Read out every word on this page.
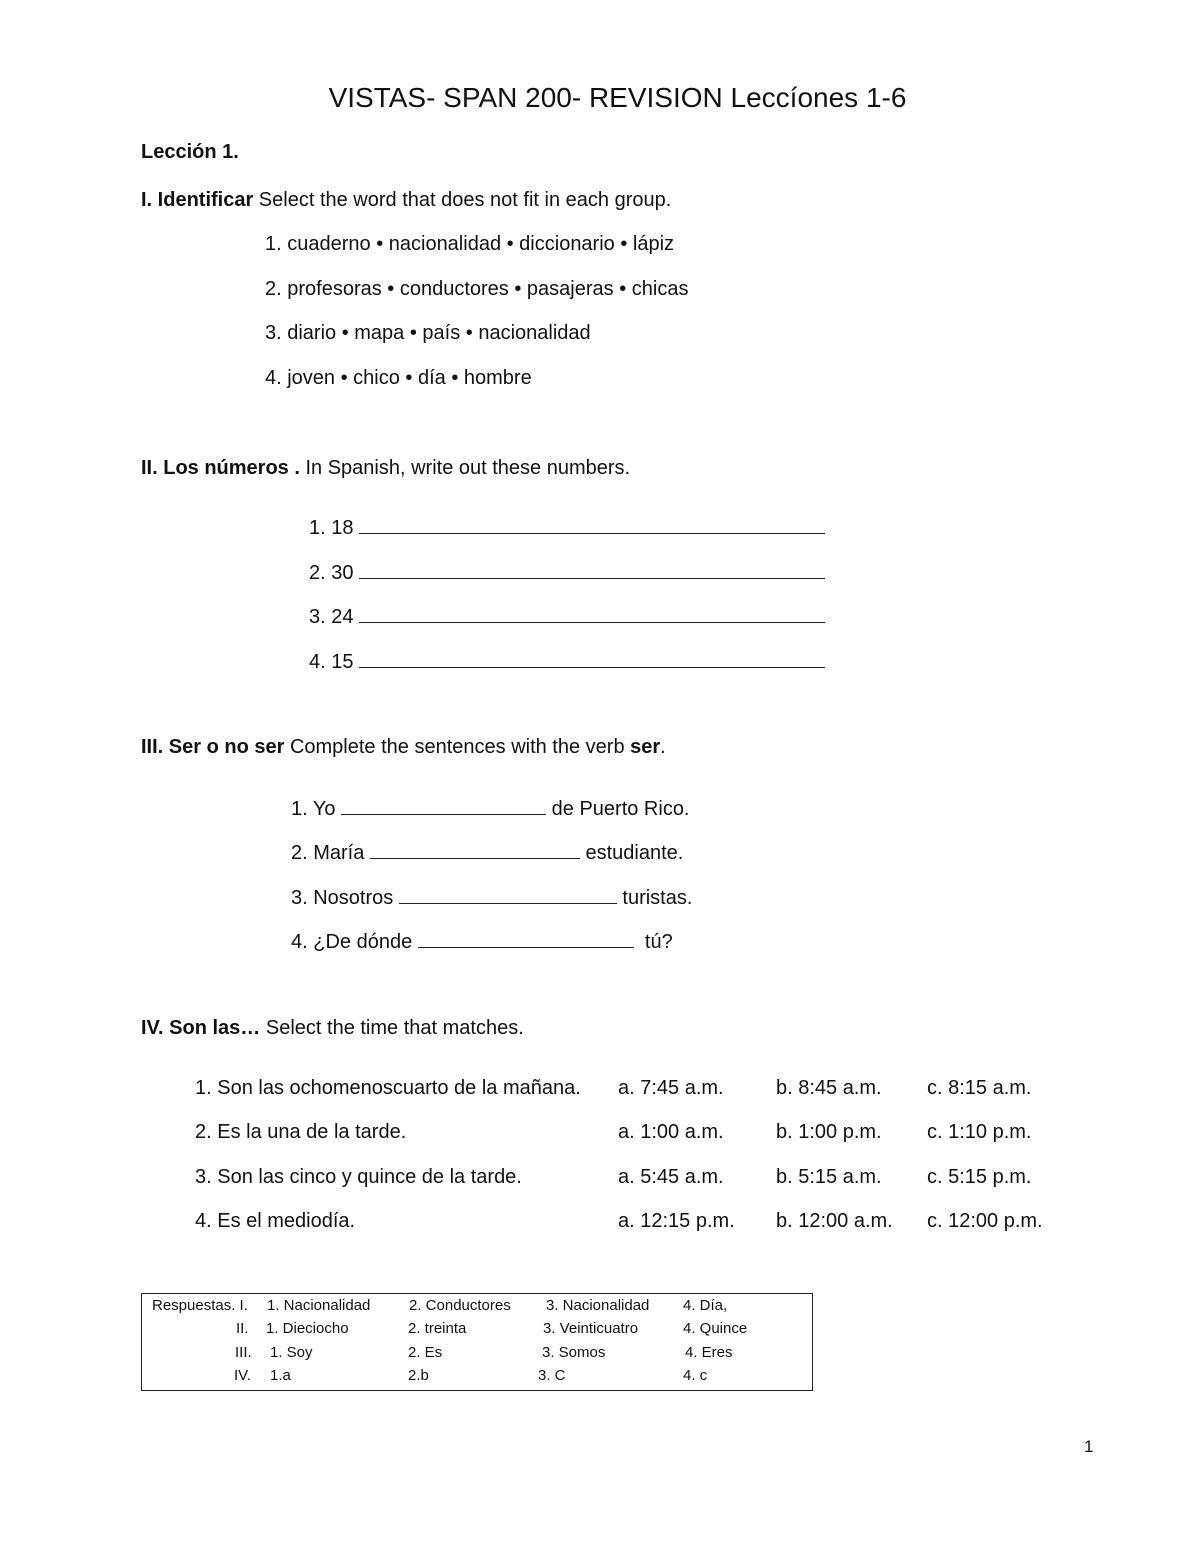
VISTAS- SPAN 200- REVISION Leccíones 1-6
Lección 1.
I. Identificar Select the word that does not fit in each group.
1. cuaderno • nacionalidad • diccionario • lápiz
2. profesoras • conductores • pasajeras • chicas
3. diario • mapa • país • nacionalidad
4. joven • chico • día • hombre
II. Los números . In Spanish, write out these numbers.
1. 18
2. 30
3. 24
4. 15
III. Ser o no ser Complete the sentences with the verb ser.
1. Yo	de Puerto Rico.
2. María	estudiante.
3. Nosotros	turistas.
4. ¿De dónde	tú?
IV. Son las… Select the time that matches.
1. Son las ochomenoscuarto de la mañana. a. 7:45 a.m.	b. 8:45 a.m. c. 8:15 a.m.
2. Es la una de la tarde.	a. 1:00 a.m.	b. 1:00 p.m. c. 1:10 p.m.
3. Son las cinco y quince de la tarde.	a. 5:45 a.m.	b. 5:15 a.m. c. 5:15 p.m.
4. Es el mediodía.	a. 12:15 p.m. b. 12:00 a.m. c. 12:00 p.m.
Respuestas. I. 1. Nacionalidad	2. Conductores 3. Nacionalidad 4. Día,
II. 1. Dieciocho	2. treinta	3. Veinticuatro	4. Quince
III. 1. Soy	2. Es	3. Somos	4. Eres
IV. 1.a	2.b	3. C	4. c
1
